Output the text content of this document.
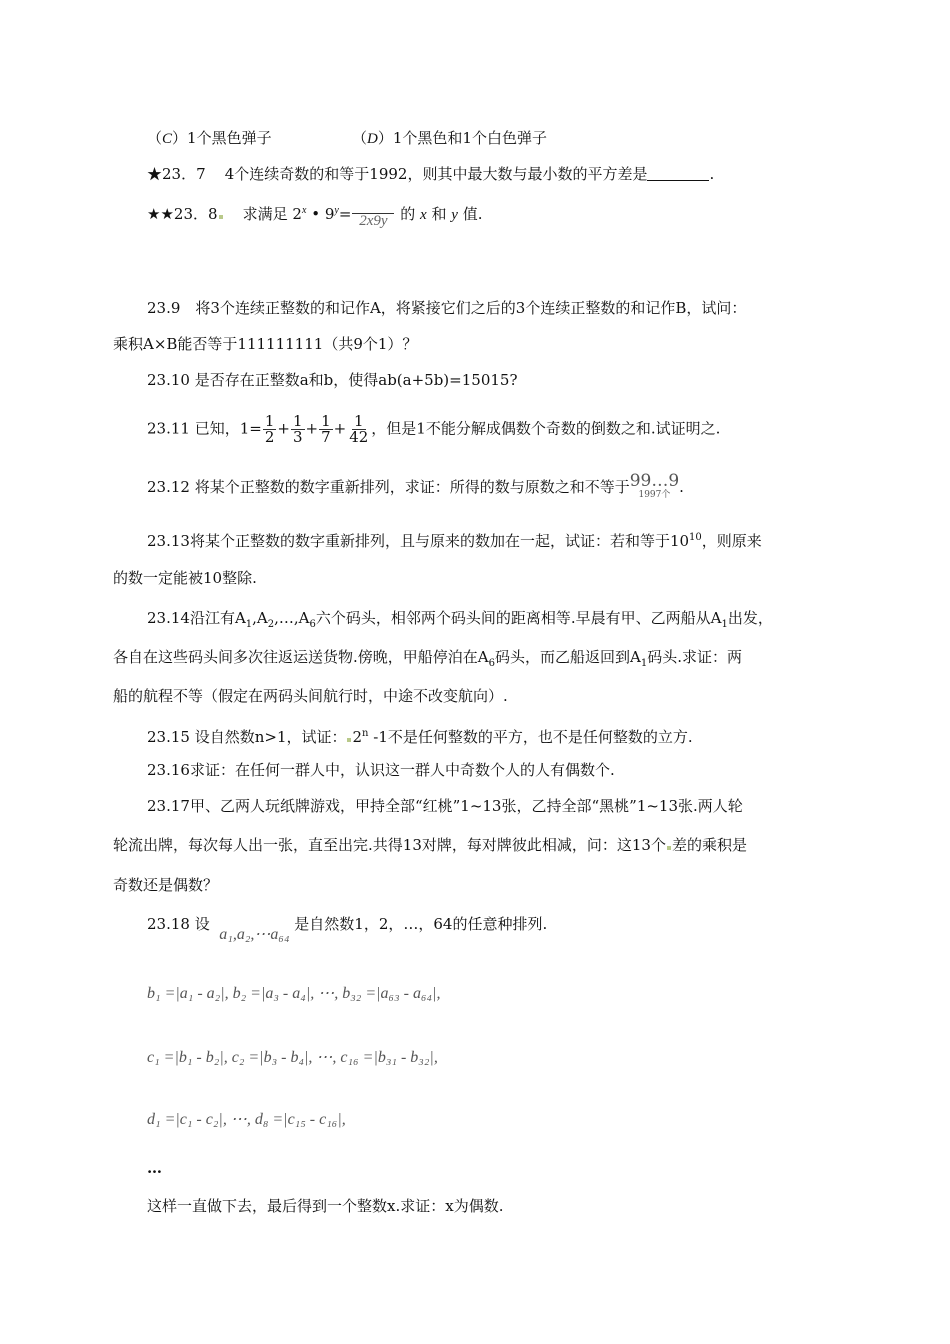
（C）1个黑色弹子	（D）1个黑色和1个白色弹子
★23．7 4个连续奇数的和等于1992，则其中最大数与最小数的平方差是	.
★★23．8 求满足 2$^x$ • $9^y= 2x9y$ 的 x 和 y 值.
23.9　将3个连续正整数的和记作A，将紧接它们之后的3个连续正整数的和记作B，试问：
乘积A×B能否等于111111111（共9个1）？
23.10 是否存在正整数a和b，使得ab(a+5b)=15015?
23.11 已知，$1= \frac{1}{2} + \frac{1}{3} + \frac{1}{7} + \frac{1}{42}$ ，但是1不能分解成偶数个奇数的倒数之和.试证明之.
23.12 将某个正整数的数字重新排列，求证：所得的数与原数之和不等于 99…9
1997个 .
23.13将某个正整数的数字重新排列，且与原来的数加在一起，试证：若和等于$10^{10}$，则原来
的数一定能被10整除.
23.14沿江有$A_1,A_2,\dots,A_6$六个码头，相邻两个码头间的距离相等.早晨有甲、乙两船从$A_1$出发，
各自在这些码头间多次往返运送货物.傍晚，甲船停泊在$A_6$码头，而乙船返回到$A_1$码头.求证：两
船的航程不等（假定在两码头间航行时，中途不改变航向）.
23.15 设自然数n>1，试证： 2$^n$ -1不是任何整数的平方，也不是任何整数的立方.
23.16求证：在任何一群人中，认识这一群人中奇数个人的人有偶数个.
23.17甲、乙两人玩纸牌游戏，甲持全部“红桃”1~13张，乙持全部“黑桃”1~13张.两人轮
轮流出牌，每次每人出一张，直至出完.共得13对牌，每对牌彼此相减，问：这13个 差的乘积是
奇数还是偶数？
23.18 设  a₁,a₂,⋯a₆₄ 是自然数1，2，…，64的任意种排列.
b₁ =|a₁ - a₂|, b₂ =|a₃ - a₄|, ⋯, b₃₂ =|a₆₃ - a₆₄|,
c₁ =|b₁ - b₂|, c₂ =|b₃ - b₄|, ⋯, c₁₆ =|b₃₁ - b₃₂|,
d₁ =|c₁ - c₂|, ⋯, d₈ =|c₁₅ - c₁₆|,
…
这样一直做下去，最后得到一个整数x.求证：x为偶数.
